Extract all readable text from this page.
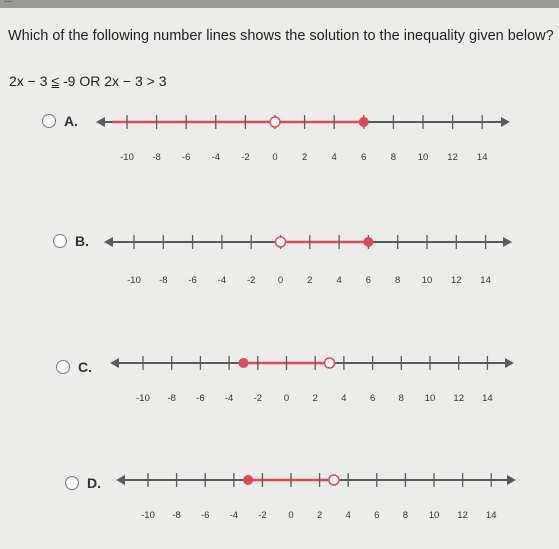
Which of the following number lines shows the solution to the inequality given below?
2x − 3 ≤ -9 OR 2x − 3 > 3
A.
-10 -8 -6 -4 -2 0	2	4	6	8 10 12 14
B.
-10 -8 -6 -4 -2 0	2	4	6	8 10 12 14
C.
-10 -8 -6 -4 -2 0 2 4 6 8 10 12 14
D.
-10 -8 -6 -4 -2 0 2 4 6 8 10 12 14
